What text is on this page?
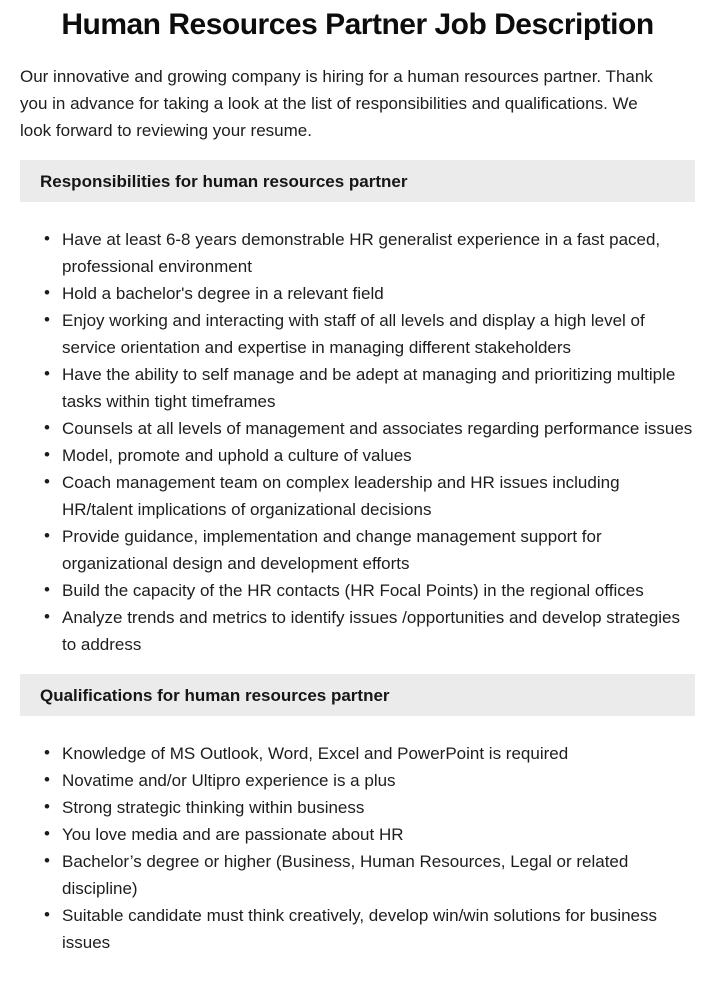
Human Resources Partner Job Description

Our innovative and growing company is hiring for a human resources partner. Thank you in advance for taking a look at the list of responsibilities and qualifications. We look forward to reviewing your resume.

Responsibilities for human resources partner
• Have at least 6-8 years demonstrable HR generalist experience in a fast paced, professional environment
• Hold a bachelor's degree in a relevant field
• Enjoy working and interacting with staff of all levels and display a high level of service orientation and expertise in managing different stakeholders
• Have the ability to self manage and be adept at managing and prioritizing multiple tasks within tight timeframes
• Counsels at all levels of management and associates regarding performance issues
• Model, promote and uphold a culture of values
• Coach management team on complex leadership and HR issues including HR/talent implications of organizational decisions
• Provide guidance, implementation and change management support for organizational design and development efforts
• Build the capacity of the HR contacts (HR Focal Points) in the regional offices
• Analyze trends and metrics to identify issues /opportunities and develop strategies to address
Qualifications for human resources partner
• Knowledge of MS Outlook, Word, Excel and PowerPoint is required
• Novatime and/or Ultipro experience is a plus
• Strong strategic thinking within business
• You love media and are passionate about HR
• Bachelor’s degree or higher (Business, Human Resources, Legal or related discipline)
• Suitable candidate must think creatively, develop win/win solutions for business issues
